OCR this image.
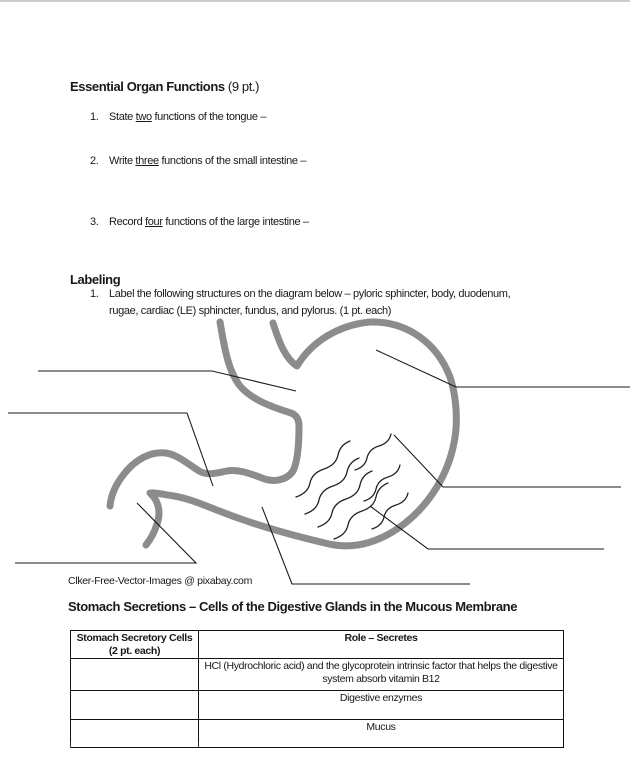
Essential Organ Functions (9 pt.)
1. State two functions of the tongue –
2. Write three functions of the small intestine –
3. Record four functions of the large intestine –
Labeling
1. Label the following structures on the diagram below – pyloric sphincter, body, duodenum,
rugae, cardiac (LE) sphincter, fundus, and pylorus. (1 pt. each)
Clker-Free-Vector-Images @ pixabay.com
Stomach Secretions – Cells of the Digestive Glands in the Mucous Membrane
Stomach Secretory Cells
(2 pt. each)	Role – Secretes
	HCl (Hydrochloric acid) and the glycoprotein intrinsic factor that helps the digestive system absorb vitamin B12
	Digestive enzymes
	Mucus
